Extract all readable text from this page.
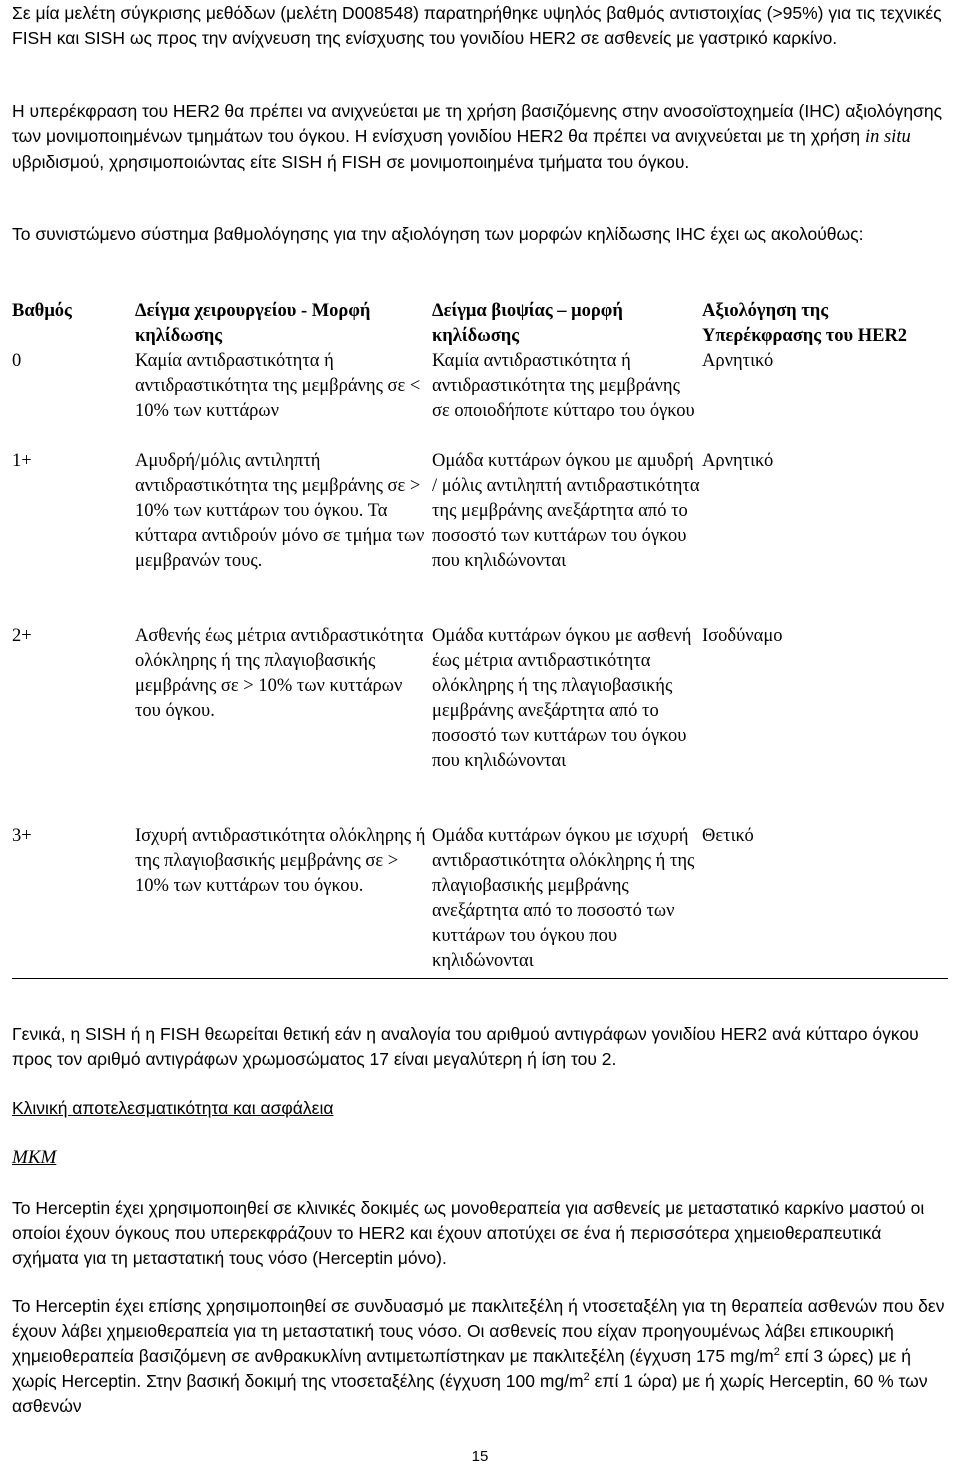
Σε μία μελέτη σύγκρισης μεθόδων (μελέτη D008548) παρατηρήθηκε υψηλός βαθμός αντιστοιχίας (>95%) για τις τεχνικές FISH και SISH ως προς την ανίχνευση της ενίσχυσης του γονιδίου HER2 σε ασθενείς με γαστρικό καρκίνο.

Η υπερέκφραση του HER2 θα πρέπει να ανιχνεύεται με τη χρήση βασιζόμενης στην ανοσοϊστοχημεία (IHC) αξιολόγησης των μονιμοποιημένων τμημάτων του όγκου. Η ενίσχυση γονιδίου HER2 θα πρέπει να ανιχνεύεται με τη χρήση in situ υβριδισμού, χρησιμοποιώντας είτε SISH ή FISH σε μονιμοποιημένα τμήματα του όγκου.

Το συνιστώμενο σύστημα βαθμολόγησης για την αξιολόγηση των μορφών κηλίδωσης IHC έχει ως ακολούθως:

Βαθμός	Δείγμα χειρουργείου - Μορφή κηλίδωσης	Δείγμα βιοψίας – μορφή κηλίδωσης	Αξιολόγηση της Υπερέκφρασης του HER2
0	Καμία αντιδραστικότητα ή αντιδραστικότητα της μεμβράνης σε < 10% των κυττάρων	Καμία αντιδραστικότητα ή αντιδραστικότητα της μεμβράνης σε οποιοδήποτε κύτταρο του όγκου	Αρνητικό
1+	Αμυδρή/μόλις αντιληπτή αντιδραστικότητα της μεμβράνης σε > 10% των κυττάρων του όγκου. Τα κύτταρα αντιδρούν μόνο σε τμήμα των μεμβρανών τους.	Ομάδα κυττάρων όγκου με αμυδρή / μόλις αντιληπτή αντιδραστικότητα της μεμβράνης ανεξάρτητα από το ποσοστό των κυττάρων του όγκου που κηλιδώνονται	Αρνητικό
2+	Ασθενής έως μέτρια αντιδραστικότητα ολόκληρης ή της πλαγιοβασικής μεμβράνης σε > 10% των κυττάρων του όγκου.	Ομάδα κυττάρων όγκου με ασθενή έως μέτρια αντιδραστικότητα ολόκληρης ή της πλαγιοβασικής μεμβράνης ανεξάρτητα από το ποσοστό των κυττάρων του όγκου που κηλιδώνονται	Ισοδύναμο
3+	Ισχυρή αντιδραστικότητα ολόκληρης ή της πλαγιοβασικής μεμβράνης σε > 10% των κυττάρων του όγκου.	Ομάδα κυττάρων όγκου με ισχυρή αντιδραστικότητα ολόκληρης ή της πλαγιοβασικής μεμβράνης ανεξάρτητα από το ποσοστό των κυττάρων του όγκου που κηλιδώνονται	Θετικό

Γενικά, η SISH ή η FISH θεωρείται θετική εάν η αναλογία του αριθμού αντιγράφων γονιδίου HER2 ανά κύτταρο όγκου προς τον αριθμό αντιγράφων χρωμοσώματος 17 είναι μεγαλύτερη ή ίση του 2.

Κλινική αποτελεσματικότητα και ασφάλεια

ΜΚΜ

Το Herceptin έχει χρησιμοποιηθεί σε κλινικές δοκιμές ως μονοθεραπεία για ασθενείς με μεταστατικό καρκίνο μαστού οι οποίοι έχουν όγκους που υπερεκφράζουν το HER2 και έχουν αποτύχει σε ένα ή περισσότερα χημειοθεραπευτικά σχήματα για τη μεταστατική τους νόσο (Herceptin μόνο).

Το Herceptin έχει επίσης χρησιμοποιηθεί σε συνδυασμό με πακλιτεξέλη ή ντοσεταξέλη για τη θεραπεία ασθενών που δεν έχουν λάβει χημειοθεραπεία για τη μεταστατική τους νόσο. Οι ασθενείς που είχαν προηγουμένως λάβει επικουρική χημειοθεραπεία βασιζόμενη σε ανθρακυκλίνη αντιμετωπίστηκαν με πακλιτεξέλη (έγχυση 175 $mg/m^2$ επί 3 ώρες) με ή χωρίς Herceptin. Στην βασική δοκιμή της ντοσεταξέλης (έγχυση 100 $mg/m^2$ επί 1 ώρα) με ή χωρίς Herceptin, 60 % των ασθενών

15
